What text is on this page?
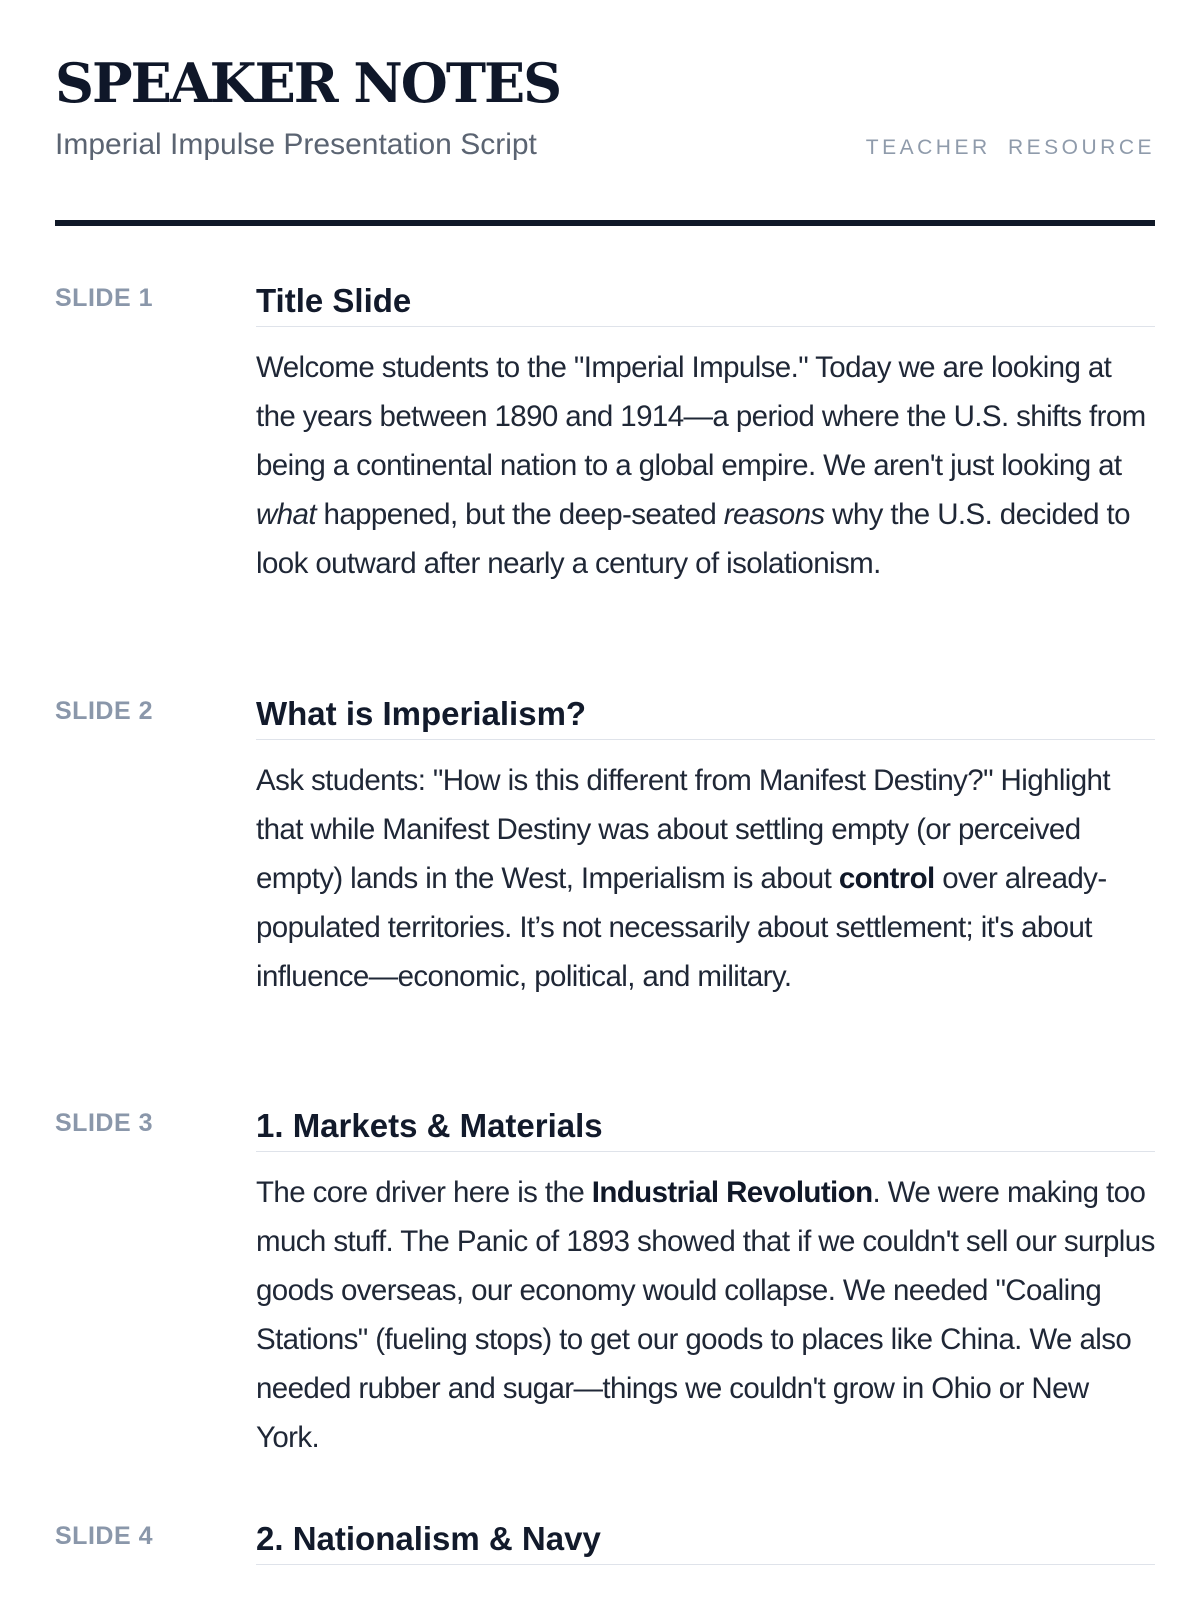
SPEAKER NOTES
Imperial Impulse Presentation Script	TEACHER RESOURCE
SLIDE 1	Title Slide

Welcome students to the "Imperial Impulse." Today we are looking at the years between 1890 and 1914—a period where the U.S. shifts from being a continental nation to a global empire. We aren't just looking at what happened, but the deep-seated reasons why the U.S. decided to look outward after nearly a century of isolationism.

SLIDE 2	What is Imperialism?

Ask students: "How is this different from Manifest Destiny?" Highlight that while Manifest Destiny was about settling empty (or perceived empty) lands in the West, Imperialism is about control over already-populated territories. It’s not necessarily about settlement; it's about influence—economic, political, and military.

SLIDE 3	1. Markets & Materials

The core driver here is the Industrial Revolution. We were making too much stuff. The Panic of 1893 showed that if we couldn't sell our surplus goods overseas, our economy would collapse. We needed "Coaling Stations" (fueling stops) to get our goods to places like China. We also needed rubber and sugar—things we couldn't grow in Ohio or New York.

SLIDE 4	2. Nationalism & Navy
